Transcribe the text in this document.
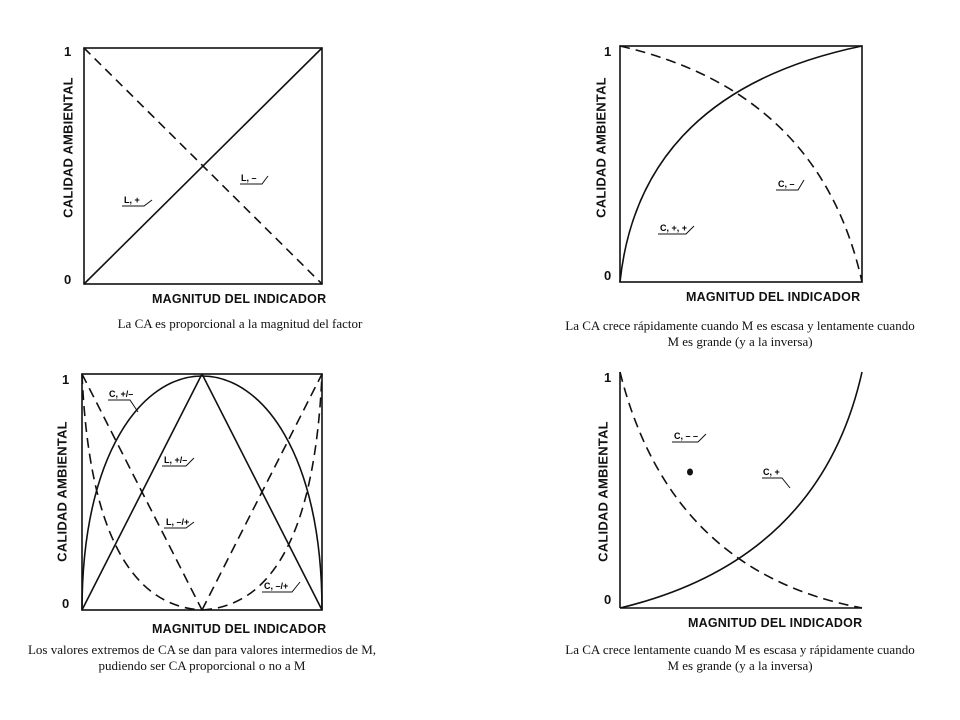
CALIDAD AMBIENTAL
1
0
L, +
L, –
MAGNITUD DEL INDICADOR
La CA es proporcional a la magnitud del factor
CALIDAD AMBIENTAL
1
0
C, +, +
C, –
MAGNITUD DEL INDICADOR
La CA crece rápidamente cuando M es escasa y lentamente cuando
M es grande (y a la inversa)
CALIDAD AMBIENTAL
1
0
C, +/–
L, +/–
L, –/+
C, –/+
MAGNITUD DEL INDICADOR
Los valores extremos de CA se dan para valores intermedios de M,
pudiendo ser CA proporcional o no a M
CALIDAD AMBIENTAL
1
0
C, – –
C, +
MAGNITUD DEL INDICADOR
La CA crece lentamente cuando M es escasa y rápidamente cuando
M es grande (y a la inversa)
